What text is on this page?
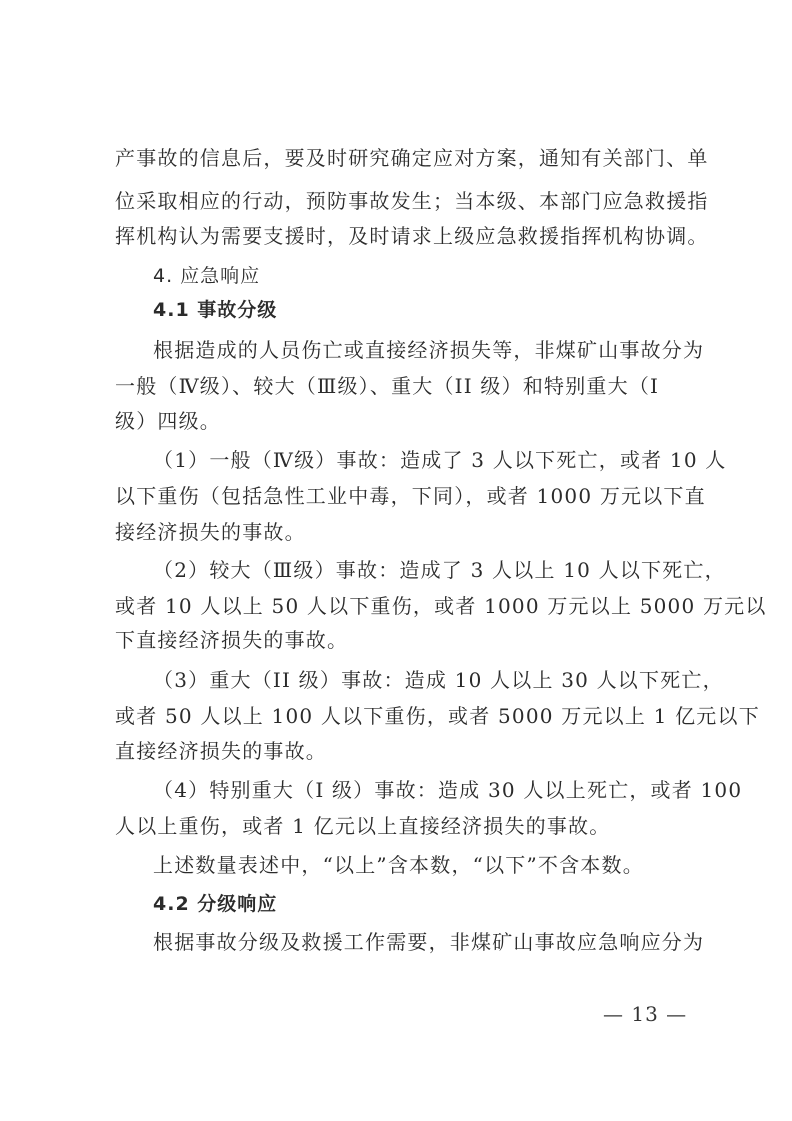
产事故的信息后，要及时研究确定应对方案，通知有关部门、单
位采取相应的行动，预防事故发生；当本级、本部门应急救援指
挥机构认为需要支援时，及时请求上级应急救援指挥机构协调。
4. 应急响应
4.1 事故分级
根据造成的人员伤亡或直接经济损失等，非煤矿山事故分为
一般（Ⅳ级）、较大（Ⅲ级）、重大（II 级）和特别重大（I
级）四级。
（1）一般（Ⅳ级）事故：造成了 3 人以下死亡，或者 10 人
以下重伤（包括急性工业中毒，下同），或者 1000 万元以下直
接经济损失的事故。
（2）较大（Ⅲ级）事故：造成了 3 人以上 10 人以下死亡，
或者 10 人以上 50 人以下重伤，或者 1000 万元以上 5000 万元以
下直接经济损失的事故。
（3）重大（II 级）事故：造成 10 人以上 30 人以下死亡，
或者 50 人以上 100 人以下重伤，或者 5000 万元以上 1 亿元以下
直接经济损失的事故。
（4）特别重大（I 级）事故：造成 30 人以上死亡，或者 100
人以上重伤，或者 1 亿元以上直接经济损失的事故。
上述数量表述中，“以上”含本数，“以下”不含本数。
4.2 分级响应
根据事故分级及救援工作需要，非煤矿山事故应急响应分为
— 13 —
